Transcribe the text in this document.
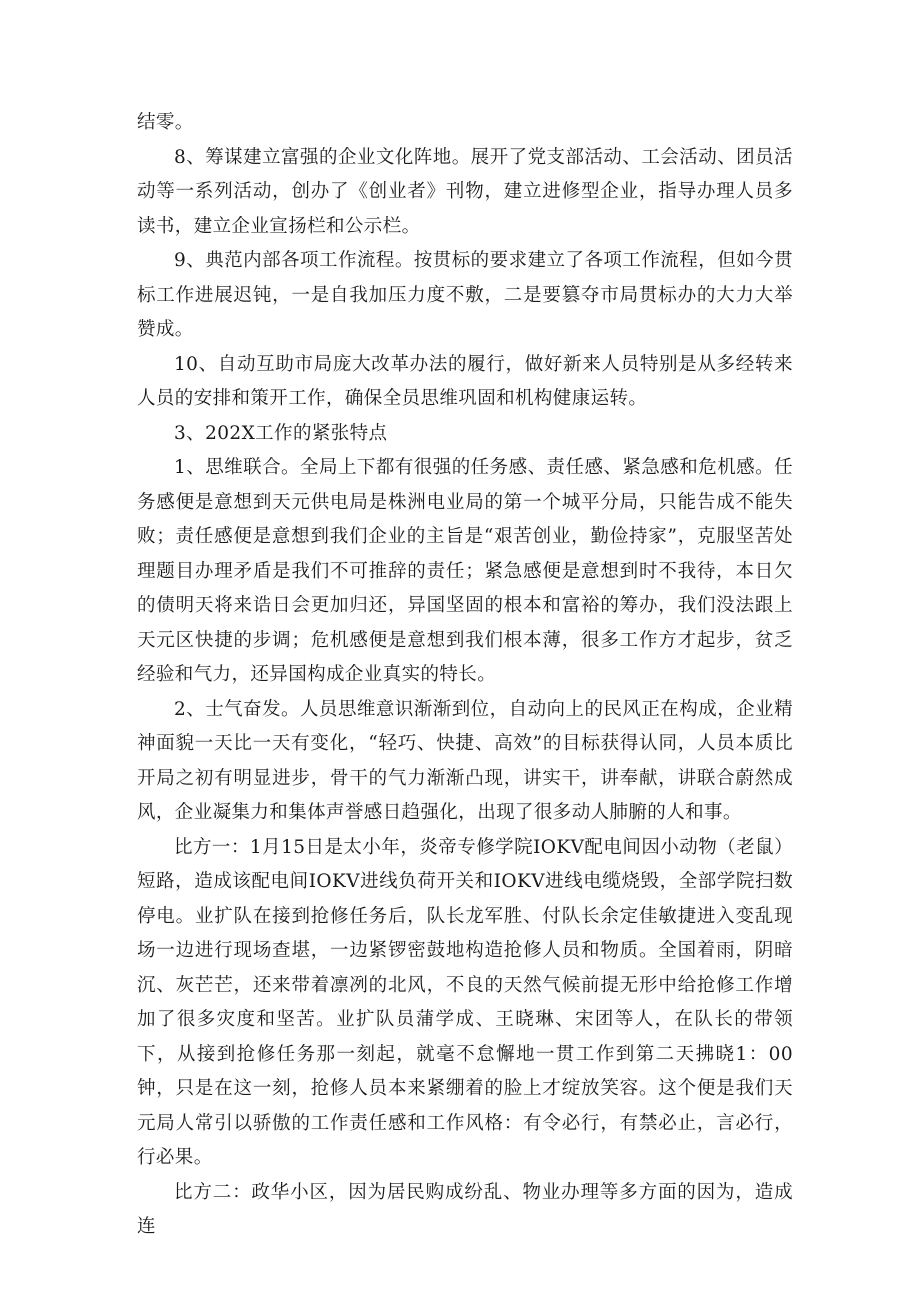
结零。

8、筹谋建立富强的企业文化阵地。展开了党支部活动、工会活动、团员活动等一系列活动，创办了《创业者》刊物，建立进修型企业，指导办理人员多读书，建立企业宣扬栏和公示栏。

9、典范内部各项工作流程。按贯标的要求建立了各项工作流程，但如今贯标工作进展迟钝，一是自我加压力度不敷，二是要篡夺市局贯标办的大力大举赞成。

10、自动互助市局庞大改革办法的履行，做好新来人员特别是从多经转来人员的安排和策开工作，确保全员思维巩固和机构健康运转。

3、202X工作的紧张特点

1、思维联合。全局上下都有很强的任务感、责任感、紧急感和危机感。任务感便是意想到天元供电局是株洲电业局的第一个城平分局，只能告成不能失败；责任感便是意想到我们企业的主旨是“艰苦创业，勤俭持家”，克服坚苦处理题目办理矛盾是我们不可推辞的责任；紧急感便是意想到时不我待，本日欠的债明天将来诰日会更加归还，异国坚固的根本和富裕的筹办，我们没法跟上天元区快捷的步调；危机感便是意想到我们根本薄，很多工作方才起步，贫乏经验和气力，还异国构成企业真实的特长。

2、士气奋发。人员思维意识渐渐到位，自动向上的民风正在构成，企业精神面貌一天比一天有变化，“轻巧、快捷、高效”的目标获得认同，人员本质比开局之初有明显进步，骨干的气力渐渐凸现，讲实干，讲奉献，讲联合蔚然成风，企业凝集力和集体声誉感日趋强化，出现了很多动人肺腑的人和事。

比方一：1月15日是太小年，炎帝专修学院IOKV配电间因小动物（老鼠）短路，造成该配电间IOKV进线负荷开关和IOKV进线电缆烧毁，全部学院扫数停电。业扩队在接到抢修任务后，队长龙军胜、付队长余定佳敏捷进入变乱现场一边进行现场查堪，一边紧锣密鼓地构造抢修人员和物质。全国着雨，阴暗沉、灰芒芒，还来带着凛冽的北风，不良的天然气候前提无形中给抢修工作增加了很多灾度和坚苦。业扩队员蒲学成、王晓琳、宋团等人，在队长的带领下，从接到抢修任务那一刻起，就毫不怠懈地一贯工作到第二天拂晓1：00钟，只是在这一刻，抢修人员本来紧绷着的脸上才绽放笑容。这个便是我们天元局人常引以骄傲的工作责任感和工作风格：有令必行，有禁必止，言必行，行必果。

比方二：政华小区，因为居民购成纷乱、物业办理等多方面的因为，造成连
